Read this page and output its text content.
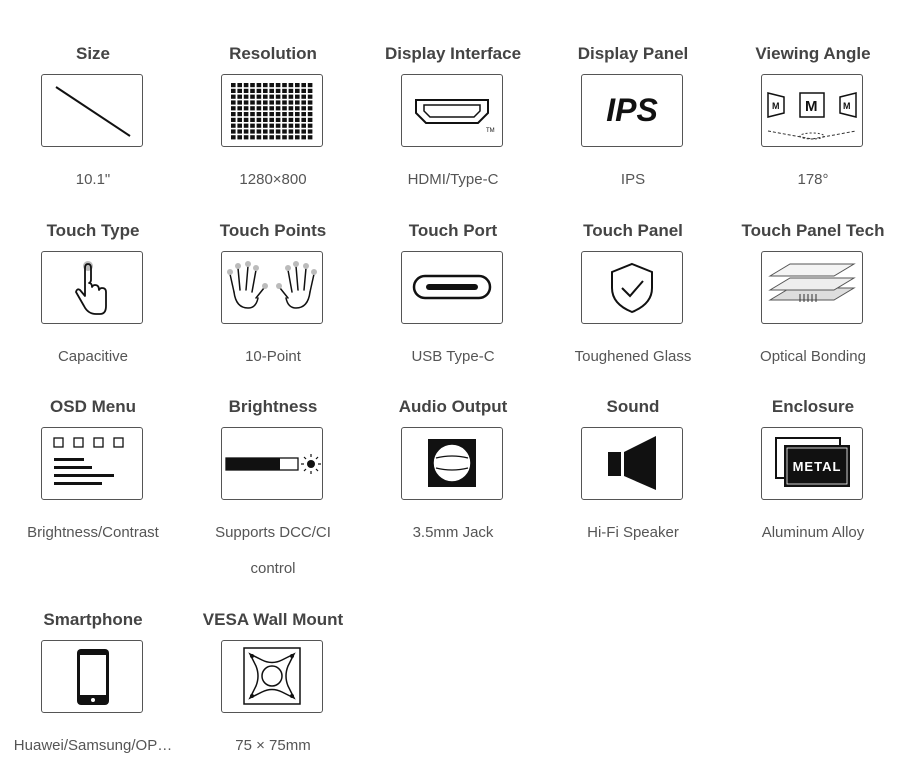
Size
10.1"
Resolution
1280×800
Display Interface
TM
HDMI/Type-C
Display Panel
IPS
IPS
Viewing Angle
M M	M
178°
Touch Type
Capacitive
Touch Points
10-Point
Touch Port
USB Type-C
Touch Panel
Toughened Glass
Touch Panel Tech
Optical Bonding
OSD Menu
Brightness/Contrast
Brightness
Supports DCC/CI control
Audio Output
3.5mm Jack
Sound
Hi-Fi Speaker
Enclosure
METAL
Aluminum Alloy
Smartphone
Huawei/Samsung/OP…
VESA Wall Mount
75 × 75mm
